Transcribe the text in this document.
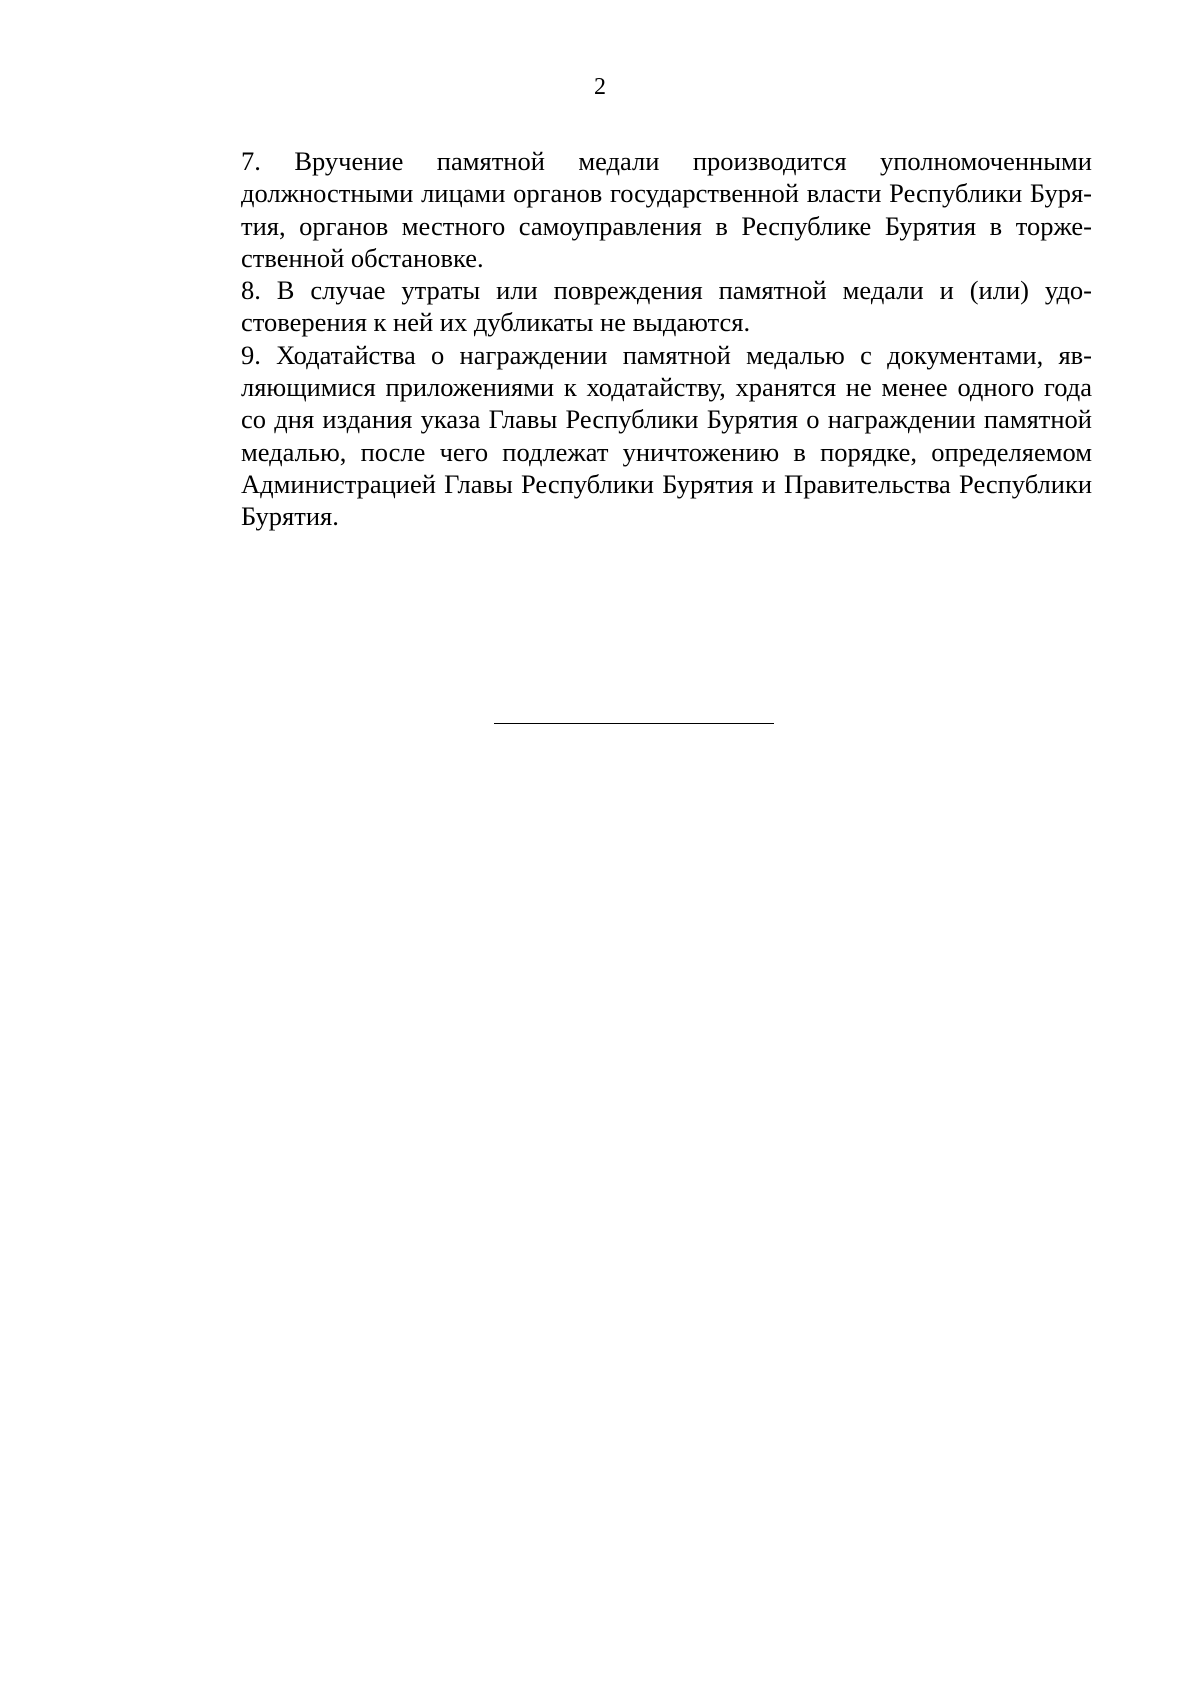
2

7. Вручение памятной медали производится уполномоченными
должностными лицами органов государственной власти Республики Буря-
тия, органов местного самоуправления в Республике Бурятия в торже-
ственной обстановке.

8. В случае утраты или повреждения памятной медали и (или) удо-
стоверения к ней их дубликаты не выдаются.

9. Ходатайства о награждении памятной медалью с документами, яв-
ляющимися приложениями к ходатайству, хранятся не менее одного года
со дня издания указа Главы Республики Бурятия о награждении памятной
медалью, после чего подлежат уничтожению в порядке, определяемом
Администрацией Главы Республики Бурятия и Правительства Республики
Бурятия.
